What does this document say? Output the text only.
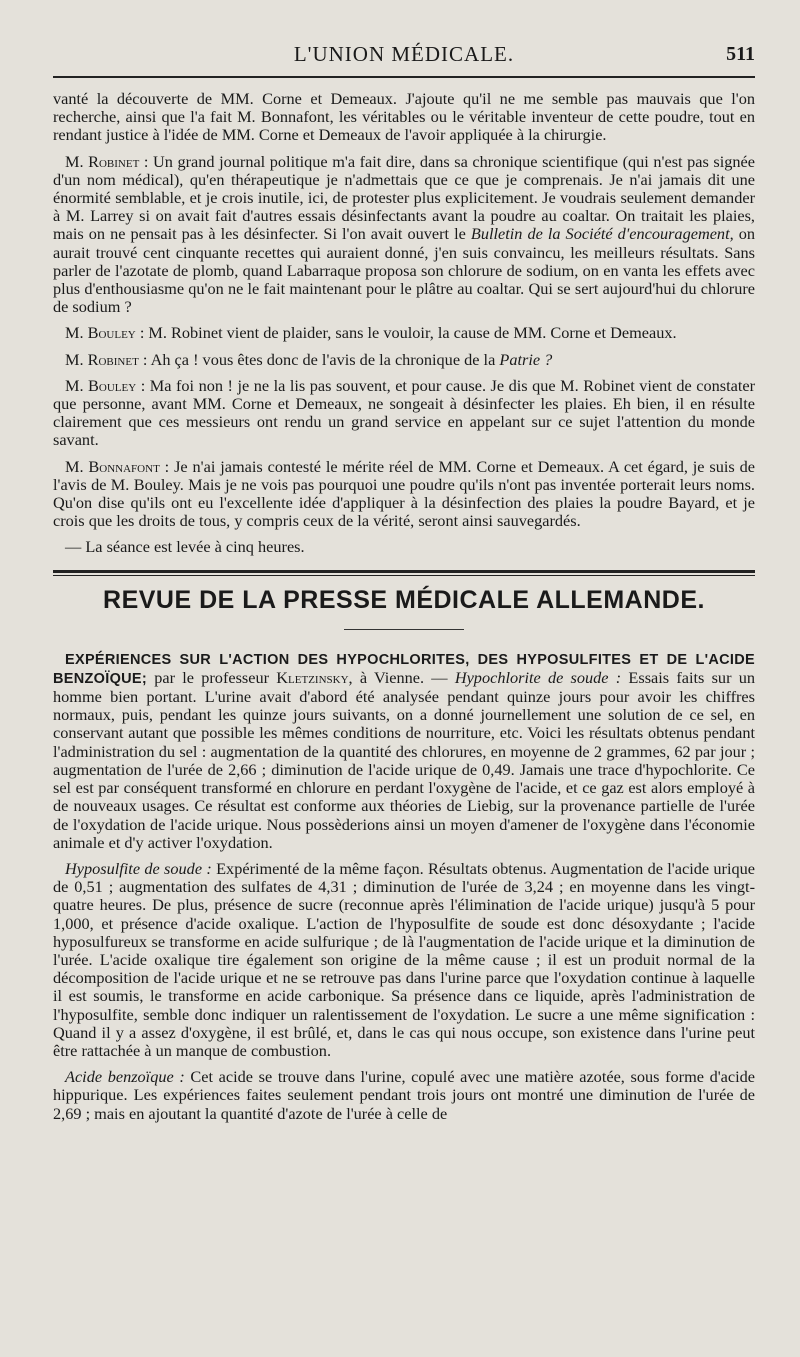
L'UNION MÉDICALE.	511

vanté la découverte de MM. Corne et Demeaux. J'ajoute qu'il ne me semble pas mauvais que l'on recherche, ainsi que l'a fait M. Bonnafont, les véritables ou le véritable inventeur de cette poudre, tout en rendant justice à l'idée de MM. Corne et Demeaux de l'avoir appliquée à la chirurgie.

M. Robinet : Un grand journal politique m'a fait dire, dans sa chronique scientifique (qui n'est pas signée d'un nom médical), qu'en thérapeutique je n'admettais que ce que je comprenais. Je n'ai jamais dit une énormité semblable, et je crois inutile, ici, de protester plus explicitement. Je voudrais seulement demander à M. Larrey si on avait fait d'autres essais désinfectants avant la poudre au coaltar. On traitait les plaies, mais on ne pensait pas à les désinfecter. Si l'on avait ouvert le Bulletin de la Société d'encouragement, on aurait trouvé cent cinquante recettes qui auraient donné, j'en suis convaincu, les meilleurs résultats. Sans parler de l'azotate de plomb, quand Labarraque proposa son chlorure de sodium, on en vanta les effets avec plus d'enthousiasme qu'on ne le fait maintenant pour le plâtre au coaltar. Qui se sert aujourd'hui du chlorure de sodium ?

M. Bouley : M. Robinet vient de plaider, sans le vouloir, la cause de MM. Corne et Demeaux.

M. Robinet : Ah ça ! vous êtes donc de l'avis de la chronique de la Patrie ?

M. Bouley : Ma foi non ! je ne la lis pas souvent, et pour cause. Je dis que M. Robinet vient de constater que personne, avant MM. Corne et Demeaux, ne songeait à désinfecter les plaies. Eh bien, il en résulte clairement que ces messieurs ont rendu un grand service en appelant sur ce sujet l'attention du monde savant.

M. Bonnafont : Je n'ai jamais contesté le mérite réel de MM. Corne et Demeaux. A cet égard, je suis de l'avis de M. Bouley. Mais je ne vois pas pourquoi une poudre qu'ils n'ont pas inventée porterait leurs noms. Qu'on dise qu'ils ont eu l'excellente idée d'appliquer à la désinfection des plaies la poudre Bayard, et je crois que les droits de tous, y compris ceux de la vérité, seront ainsi sauvegardés.

— La séance est levée à cinq heures.

REVUE DE LA PRESSE MÉDICALE ALLEMANDE.

EXPÉRIENCES SUR L'ACTION DES HYPOCHLORITES, DES HYPOSULFITES ET DE L'ACIDE BENZOÏQUE; par le professeur Kletzinsky, à Vienne. — Hypochlorite de soude : Essais faits sur un homme bien portant. L'urine avait d'abord été analysée pendant quinze jours pour avoir les chiffres normaux, puis, pendant les quinze jours suivants, on a donné journellement une solution de ce sel, en conservant autant que possible les mêmes conditions de nourriture, etc. Voici les résultats obtenus pendant l'administration du sel : augmentation de la quantité des chlorures, en moyenne de 2 grammes, 62 par jour ; augmentation de l'urée de 2,66 ; diminution de l'acide urique de 0,49. Jamais une trace d'hypochlorite. Ce sel est par conséquent transformé en chlorure en perdant l'oxygène de l'acide, et ce gaz est alors employé à de nouveaux usages. Ce résultat est conforme aux théories de Liebig, sur la provenance partielle de l'urée de l'oxydation de l'acide urique. Nous possèderions ainsi un moyen d'amener de l'oxygène dans l'économie animale et d'y activer l'oxydation.

Hyposulfite de soude : Expérimenté de la même façon. Résultats obtenus. Augmentation de l'acide urique de 0,51 ; augmentation des sulfates de 4,31 ; diminution de l'urée de 3,24 ; en moyenne dans les vingt-quatre heures. De plus, présence de sucre (reconnue après l'élimination de l'acide urique) jusqu'à 5 pour 1,000, et présence d'acide oxalique. L'action de l'hyposulfite de soude est donc désoxydante ; l'acide hyposulfureux se transforme en acide sulfurique ; de là l'augmentation de l'acide urique et la diminution de l'urée. L'acide oxalique tire également son origine de la même cause ; il est un produit normal de la décomposition de l'acide urique et ne se retrouve pas dans l'urine parce que l'oxydation continue à laquelle il est soumis, le transforme en acide carbonique. Sa présence dans ce liquide, après l'administration de l'hyposulfite, semble donc indiquer un ralentissement de l'oxydation. Le sucre a une même signification : Quand il y a assez d'oxygène, il est brûlé, et, dans le cas qui nous occupe, son existence dans l'urine peut être rattachée à un manque de combustion.

Acide benzoïque : Cet acide se trouve dans l'urine, copulé avec une matière azotée, sous forme d'acide hippurique. Les expériences faites seulement pendant trois jours ont montré une diminution de l'urée de 2,69 ; mais en ajoutant la quantité d'azote de l'urée à celle de
